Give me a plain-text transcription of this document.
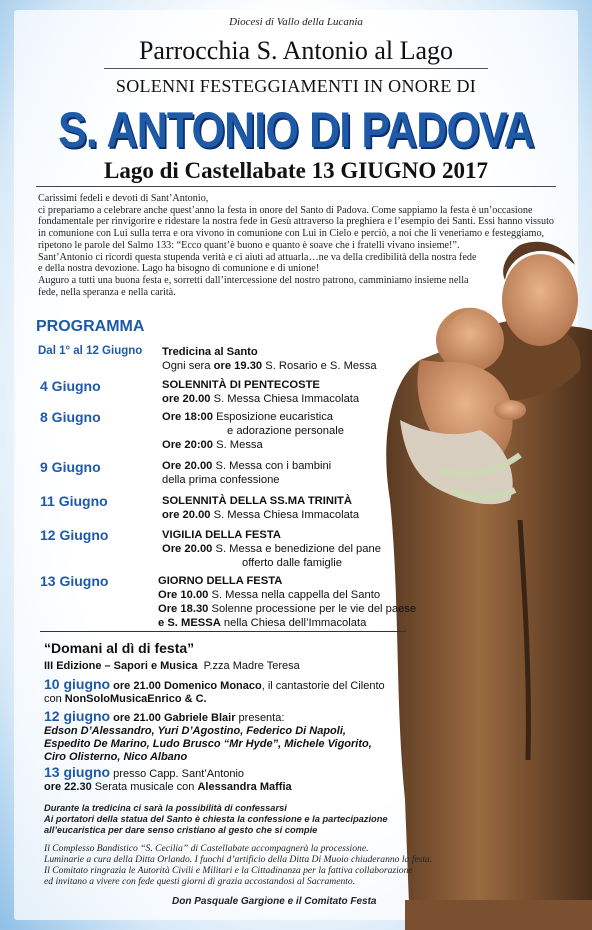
Diocesi di Vallo della Lucania
Parrocchia S. Antonio al Lago
SOLENNI FESTEGGIAMENTI IN ONORE DI
S. ANTONIO DI PADOVA
Lago di Castellabate 13 GIUGNO 2017

Carissimi fedeli e devoti di Sant’Antonio,

ci prepariamo a celebrare anche quest’anno la festa in onore del Santo di Padova. Come sappiamo la festa è un’occasione fondamentale per rinvigorire e ridestare la nostra fede in Gesù attraverso la preghiera e l’esempio dei Santi. Essi hanno vissuto in comunione con Lui sulla terra e ora vivono in comunione con Lui in Cielo e perciò, a noi che li veneriamo e festeggiamo, ripetono le parole del Salmo 133: “Ecco quant’è buono e quanto è soave che i fratelli vivano insieme!”.

Sant’Antonio ci ricordi questa stupenda verità e ci aiuti ad attuarla…ne va della credibilità della nostra fede e della nostra devozione. Lago ha bisogno di comunione e di unione!

Auguro a tutti una buona festa e, sorretti dall’intercessione del nostro patrono, camminiamo insieme nella fede, nella speranza e nella carità.

PROGRAMMA
Dal 1° al 12 Giugno Tredicina al Santo
Ogni sera ore 19.30 S. Rosario e S. Messa
4 Giugno	SOLENNITÀ DI PENTECOSTE
ore 20.00 S. Messa Chiesa Immacolata
8 Giugno	Ore 18:00 Esposizione eucaristica
e adorazione personale
Ore 20:00 S. Messa
9 Giugno	Ore 20.00 S. Messa con i bambini
della prima confessione
11 Giugno	SOLENNITÀ DELLA SS.MA TRINITÀ
ore 20.00 S. Messa Chiesa Immacolata
12 Giugno	VIGILIA DELLA FESTA
Ore 20.00 S. Messa e benedizione del pane
offerto dalle famiglie
13 Giugno	GIORNO DELLA FESTA
Ore 10.00 S. Messa nella cappella del Santo
Ore 18.30 Solenne processione per le vie del paese
e S. MESSA nella Chiesa dell’Immacolata
“Domani al dì di festa”
III Edizione – Sapori e Musica P.zza Madre Teresa
10 giugno ore 21.00 Domenico Monaco, il cantastorie del Cilento
con NonSoloMusicaEnrico & C.
12 giugno ore 21.00 Gabriele Blair presenta:
Edson D’Alessandro, Yuri D’Agostino, Federico Di Napoli,
Espedito De Marino, Ludo Brusco “Mr Hyde”, Michele Vigorito,
Ciro Olisterno, Nico Albano
13 giugno presso Capp. Sant’Antonio
ore 22.30 Serata musicale con Alessandra Maffia
Durante la tredicina ci sarà la possibilità di confessarsi
Ai portatori della statua del Santo è chiesta la confessione e la partecipazione
all’eucaristica per dare senso cristiano al gesto che si compie
Il Complesso Bandistico “S. Cecilia” di Castellabate accompagnerà la processione.
Luminarie a cura della Ditta Orlando. I fuochi d’artificio della Ditta Di Muoio chiuderanno la festa.
Il Comitato ringrazia le Autorità Civili e Militari e la Cittadinanza per la fattiva collaborazione
ed invitano a vivere con fede questi giorni di grazia accostandosi al Sacramento.
Don Pasquale Gargione e il Comitato Festa
